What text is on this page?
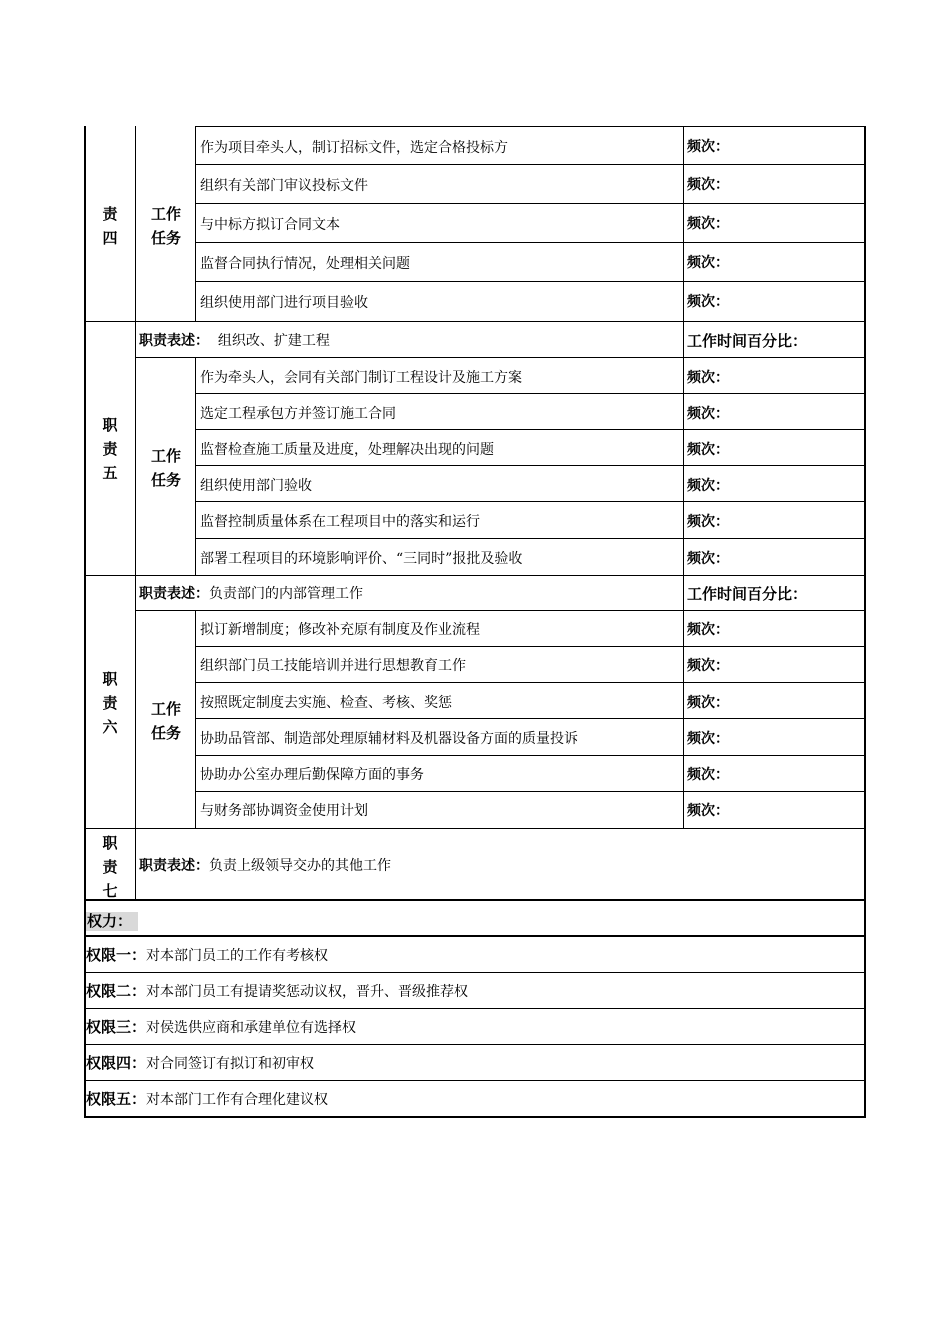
责
四
工作
任务
作为项目牵头人，制订招标文件，选定合格投标方	频次：
组织有关部门审议投标文件	频次：
与中标方拟订合同文本	频次：
监督合同执行情况，处理相关问题	频次：
组织使用部门进行项目验收	频次：
职
责
五
职责表述：  组织改、扩建工程	工作时间百分比：
工作
任务
作为牵头人，会同有关部门制订工程设计及施工方案	频次：
选定工程承包方并签订施工合同	频次：
监督检查施工质量及进度，处理解决出现的问题	频次：
组织使用部门验收	频次：
监督控制质量体系在工程项目中的落实和运行	频次：
部署工程项目的环境影响评价、“三同时”报批及验收	频次：
职
责
六
职责表述：负责部门的内部管理工作	工作时间百分比：
工作
任务
拟订新增制度；修改补充原有制度及作业流程	频次：
组织部门员工技能培训并进行思想教育工作	频次：
按照既定制度去实施、检查、考核、奖惩	频次：
协助品管部、制造部处理原辅材料及机器设备方面的质量投诉	频次：
协助办公室办理后勤保障方面的事务	频次：
与财务部协调资金使用计划	频次：
职
责
七
职责表述：负责上级领导交办的其他工作
权力：
权限一：对本部门员工的工作有考核权
权限二：对本部门员工有提请奖惩动议权，晋升、晋级推荐权
权限三：对侯选供应商和承建单位有选择权
权限四：对合同签订有拟订和初审权
权限五：对本部门工作有合理化建议权
